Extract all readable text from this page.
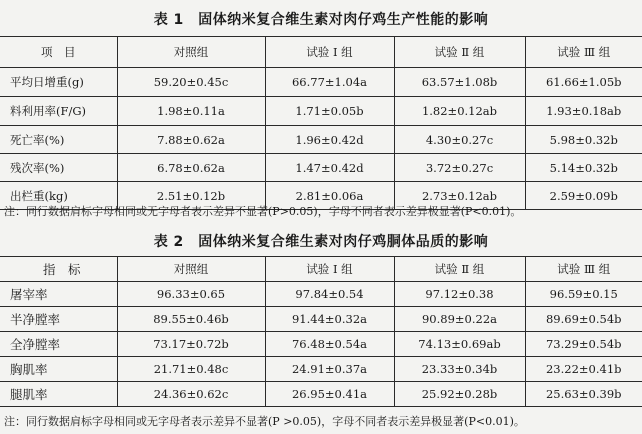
表 1　固体纳米复合维生素对肉仔鸡生产性能的影响
项　目	对照组	试验 Ⅰ 组	试验 Ⅱ 组	试验 Ⅲ 组
平均日增重(g)	59.20±0.45c	66.77±1.04a	63.57±1.08b	61.66±1.05b
料利用率(F/G)	1.98±0.11a	1.71±0.05b	1.82±0.12ab	1.93±0.18ab
死亡率(%)	7.88±0.62a	1.96±0.42d	4.30±0.27c	5.98±0.32b
残次率(%)	6.78±0.62a	1.47±0.42d	3.72±0.27c	5.14±0.32b
出栏重(kg)	2.51±0.12b	2.81±0.06a	2.73±0.12ab	2.59±0.09b
注：同行数据肩标字母相同或无字母者表示差异不显著(P>0.05)，字母不同者表示差异极显著(P<0.01)。
表 2　固体纳米复合维生素对肉仔鸡胴体品质的影响
指　标	对照组	试验 Ⅰ 组	试验 Ⅱ 组	试验 Ⅲ 组
屠宰率	96.33±0.65	97.84±0.54	97.12±0.38	96.59±0.15
半净膛率	89.55±0.46b	91.44±0.32a	90.89±0.22a	89.69±0.54b
全净膛率	73.17±0.72b	76.48±0.54a	74.13±0.69ab	73.29±0.54b
胸肌率	21.71±0.48c	24.91±0.37a	23.33±0.34b	23.22±0.41b
腿肌率	24.36±0.62c	26.95±0.41a	25.92±0.28b	25.63±0.39b
注：同行数据肩标字母相同或无字母者表示差异不显著(P >0.05)，字母不同者表示差异极显著(P<0.01)。
